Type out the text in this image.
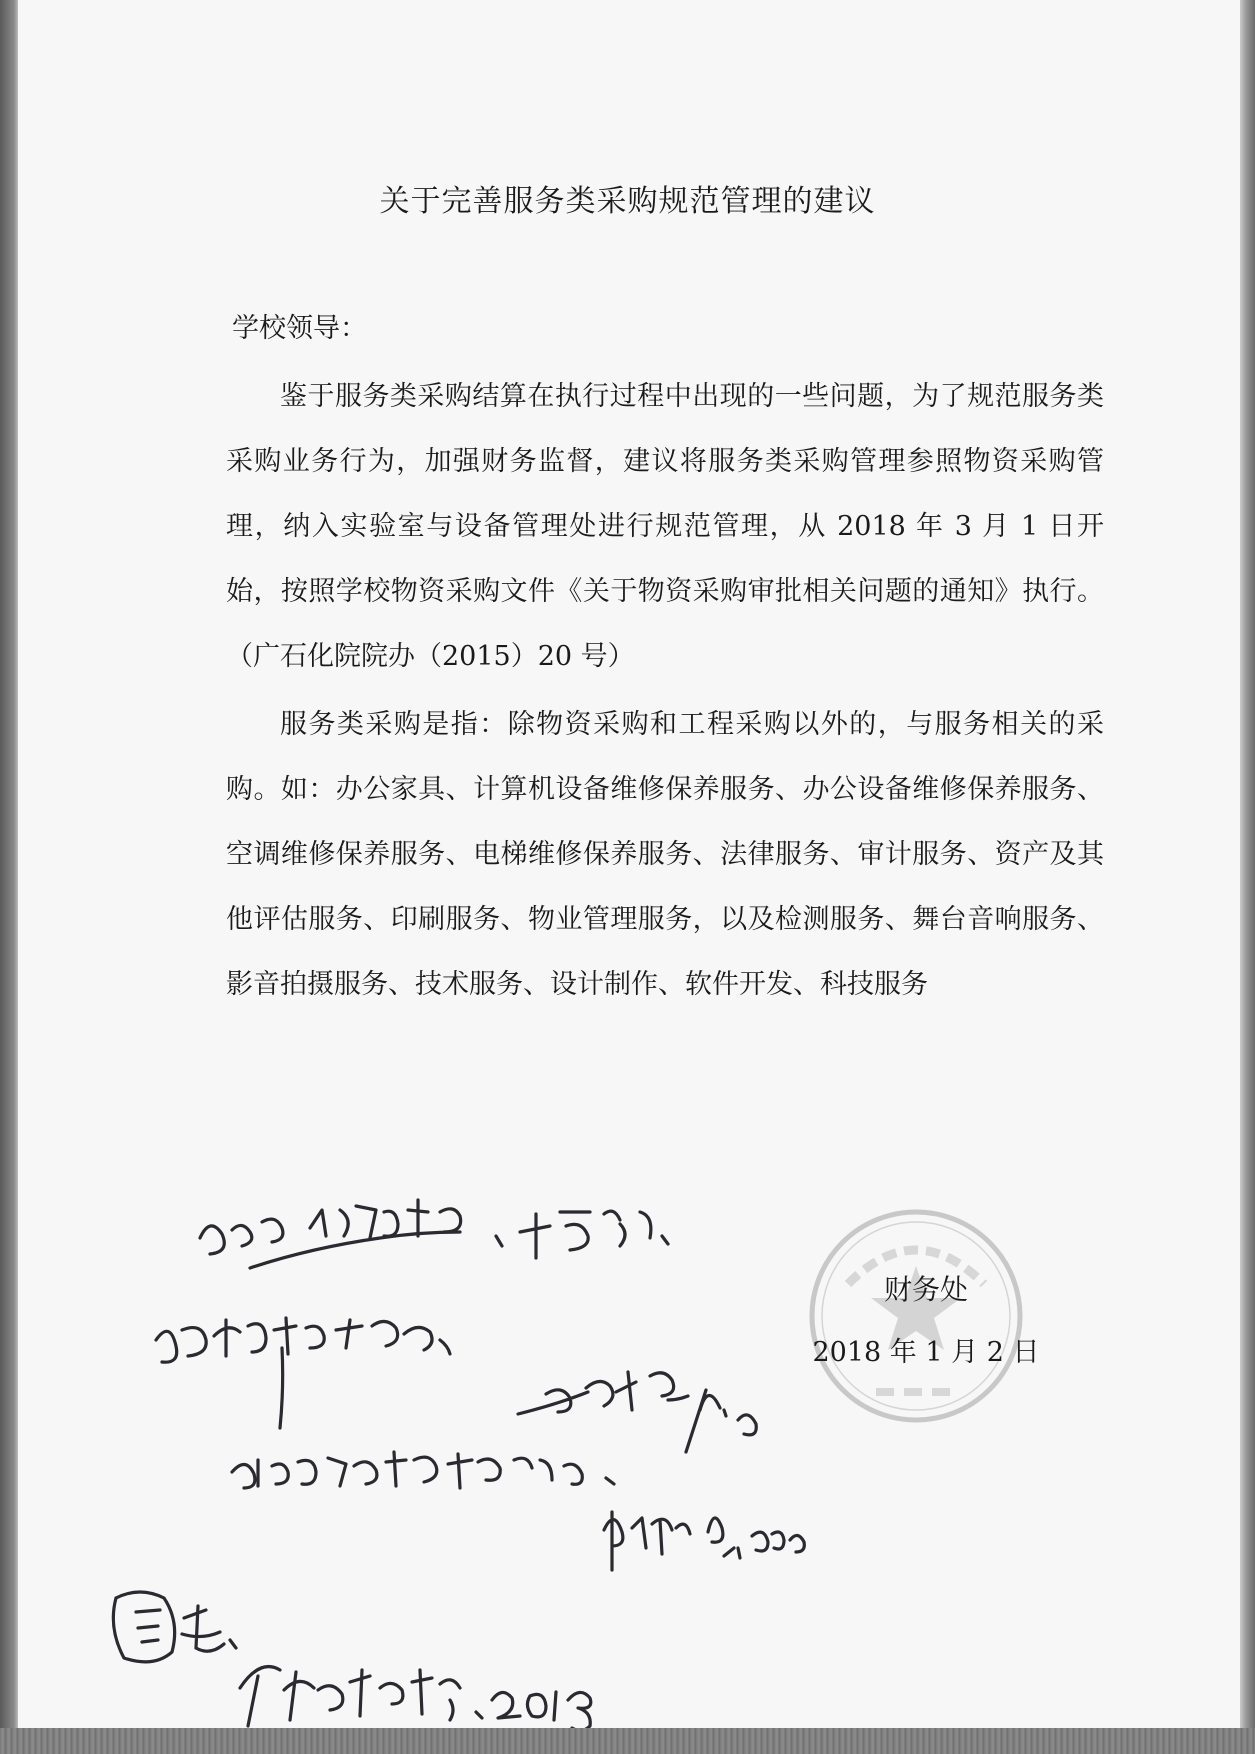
关于完善服务类采购规范管理的建议
学校领导：

鉴于服务类采购结算在执行过程中出现的一些问题，为了规范服务类采购业务行为，加强财务监督，建议将服务类采购管理参照物资采购管理，纳入实验室与设备管理处进行规范管理，从 2018 年 3 月 1 日开始，按照学校物资采购文件《关于物资采购审批相关问题的通知》执行。（广石化院院办（2015）20 号）

服务类采购是指：除物资采购和工程采购以外的，与服务相关的采购。如：办公家具、计算机设备维修保养服务、办公设备维修保养服务、空调维修保养服务、电梯维修保养服务、法律服务、审计服务、资产及其他评估服务、印刷服务、物业管理服务，以及检测服务、舞台音响服务、影音拍摄服务、技术服务、设计制作、软件开发、科技服务

财务处
2018 年 1 月 2 日
